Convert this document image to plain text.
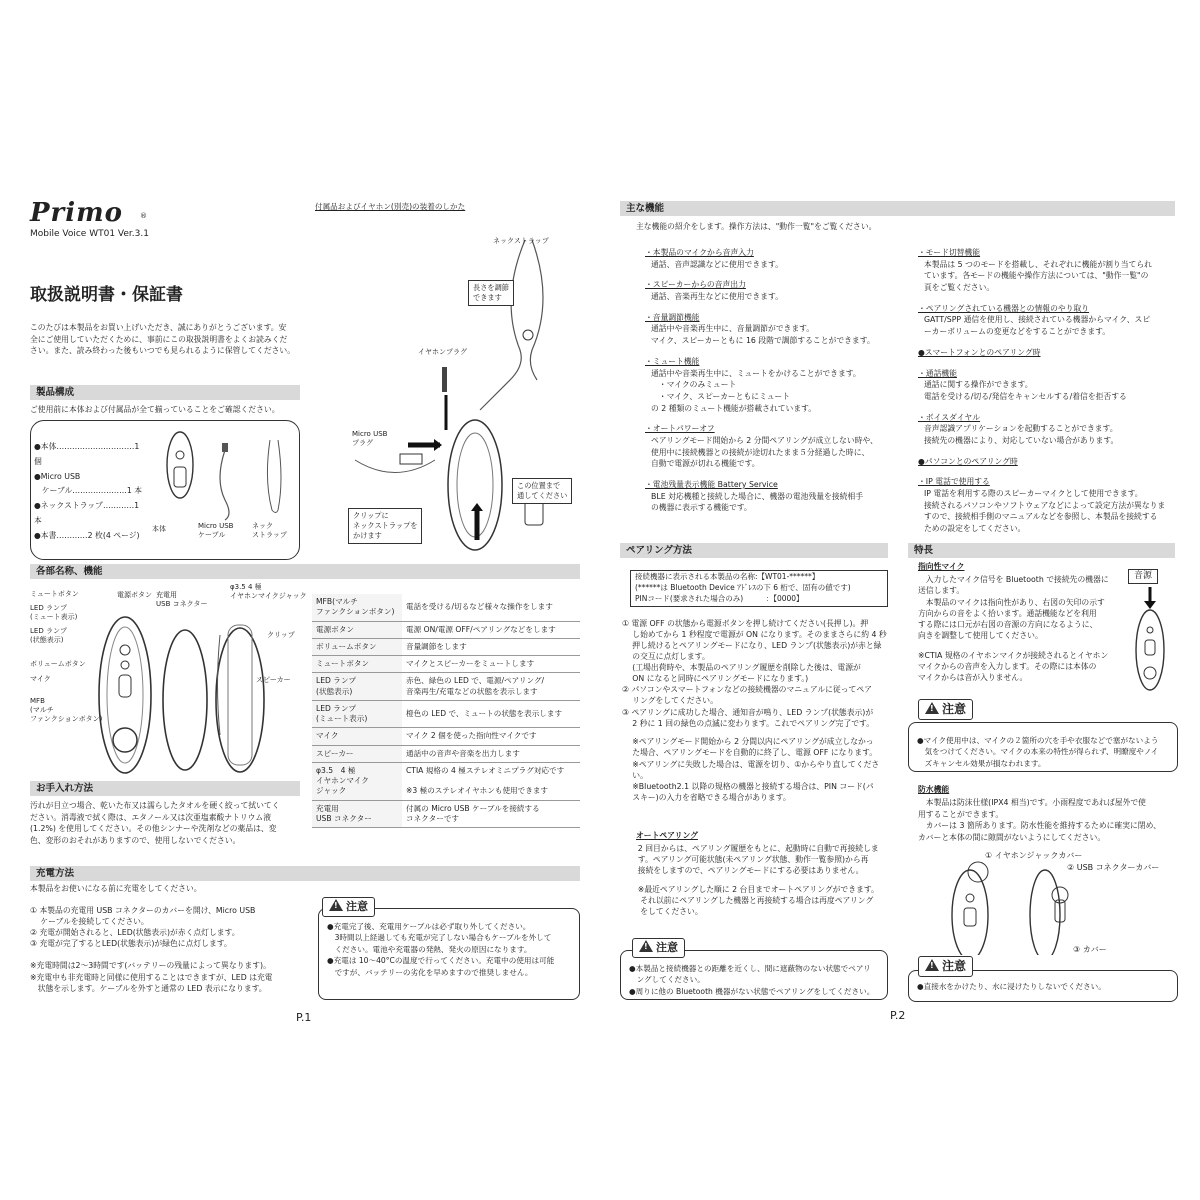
Primo ®
Mobile Voice WT01 Ver.3.1
取扱説明書・保証書

このたびは本製品をお買い上げいただき、誠にありがとうございます。安

全にご使用していただくために、事前にこの取扱説明書をよくお読みくだ

さい。また、読み終わった後もいつでも見られるように保管してください。

製品構成
ご使用前に本体および付属品が全て揃っていることをご確認ください。

●本体…………………………1 個

●Micro USB

　ケーブル…………………1 本

●ネックストラップ…………1 本

●本書…………2 枚(4 ページ)

本体	Micro USB
ケーブル
ネック
ストラップ
付属品およびイヤホン(別売)の装着のしかた
ネックストラップ
長さを調節
できます
イヤホンプラグ
Micro USB
プラグ
この位置まで
通してください
クリップに
ネックストラップを
かけます
各部名称、機能
ミュートボタン
LED ランプ
(ミュート表示)
LED ランプ
(状態表示)
ボリュームボタン
マイク
MFB
(マルチ
ファンクションボタン)
電源ボタン 充電用
USB コネクター
φ3.5 4 極
イヤホンマイクジャック
クリップ
スピーカー
MFB(マルチ
ファンクションボタン)	電話を受ける/切るなど様々な操作をします
電源ボタン	電源 ON/電源 OFF/ペアリングなどをします
ボリュームボタン	音量調節をします
ミュートボタン	マイクとスピーカーをミュートします
LED ランプ
(状態表示)	赤色、緑色の LED で、電源/ペアリング/
音楽再生/充電などの状態を表示します
LED ランプ
(ミュート表示)	橙色の LED で、ミュートの状態を表示します
マイク	マイク 2 個を使った指向性マイクです
スピーカー	通話中の音声や音楽を出力します
φ3.5　4 極
イヤホンマイク
ジャック	CTIA 規格の 4 極ステレオミニプラグ対応です

※3 極のステレオイヤホンも使用できます
充電用
USB コネクター	付属の Micro USB ケーブルを接続する
コネクターです
お手入れ方法

汚れが目立つ場合、乾いた布又は濡らしたタオルを硬く絞って拭いてく

ださい。消毒液で拭く際は、エタノール又は次亜塩素酸ナトリウム液

(1.2%) を使用してください。その他シンナーや洗剤などの薬品は、変

色、変形のおそれがありますので、使用しないでください。

充電方法

本製品をお使いになる前に充電をしてください。

① 本製品の充電用 USB コネクターのカバーを開け、Micro USB

　 ケーブルを接続してください。

② 充電が開始されると、LED(状態表示)が赤く点灯します。

③ 充電が完了するとLED(状態表示)が緑色に点灯します。

※充電時間は2～3時間です(バッテリーの残量によって異なります)。

※充電中も非充電時と同様に使用することはできますが、LED は充電

　状態を示します。ケーブルを外すと通常の LED 表示になります。

●充電完了後、充電用ケーブルは必ず取り外してください。

　3時間以上経過しても充電が完了しない場合もケーブルを外して

　ください。電池や充電器の発熱、発火の原因になります。

●充電は 10～40°Cの温度で行ってください。充電中の使用は可能

　ですが、バッテリーの劣化を早めますので推奨しません。

!注意
P.1
主な機能
主な機能の紹介をします。操作方法は、"動作一覧"をご覧ください。
・本製品のマイクから音声入力
通話、音声認識などに使用できます。
・スピーカーからの音声出力
通話、音楽再生などに使用できます。
・音量調節機能
通話中や音楽再生中に、音量調節ができます。
マイク、スピーカーともに 16 段階で調節することができます。
・ミュート機能
通話中や音楽再生中に、ミュートをかけることができます。
　・マイクのみミュート
　・マイク、スピーカーともにミュート
の 2 種類のミュート機能が搭載されています。
・オートパワーオフ
ペアリングモード開始から 2 分間ペアリングが成立しない時や、
使用中に接続機器との接続が途切れたまま５分経過した時に、
自動で電源が切れる機能です。
・電池残量表示機能 Battery Service
BLE 対応機種と接続した場合に、機器の電池残量を接続相手
の機器に表示する機能です。
・モード切替機能
本製品は 5 つのモードを搭載し、それぞれに機能が割り当てられ
ています。各モードの機能や操作方法については、"動作一覧"の
頁をご覧ください。
・ペアリングされている機器との情報のやり取り
GATT/SPP 通信を使用し、接続されている機器からマイク、スピ
ーカーボリュームの変更などをすることができます。
●スマートフォンとのペアリング時
・通話機能
通話に関する操作ができます。
電話を受ける/切る/発信をキャンセルする/着信を拒否する
・ボイスダイヤル
音声認識アプリケーションを起動することができます。
接続先の機器により、対応していない場合があります。
●パソコンとのペアリング時
・IP 電話で使用する
IP 電話を利用する際のスピーカーマイクとして使用できます。
接続されるパソコンやソフトウェアなどによって設定方法が異なりま
すので、接続相手側のマニュアルなどを参照し、本製品を接続する
ための設定をしてください。
ペアリング方法
接続機器に表示される本製品の名称:【WT01-******】
(******は Bluetooth Device ｱﾄﾞﾚｽの下 6 桁で、固有の値です)
PINコード(要求された場合のみ)　　　：【0000】
① 電源 OFF の状態から電源ボタンを押し続けてください(長押し)。押
　 し始めてから 1 秒程度で電源が ON になります。そのままさらに約 4 秒
　 押し続けるとペアリングモードになり、LED ランプ(状態表示)が赤と緑
　 の交互に点灯します。
　 (工場出荷時や、本製品のペアリング履歴を削除した後は、電源が
　 ON になると同時にペアリングモードになります。)
② パソコンやスマートフォンなどの接続機器のマニュアルに従ってペア
　 リングをしてください。
③ ペアリングに成功した場合、通知音が鳴り、LED ランプ(状態表示)が
　 2 秒に 1 回の緑色の点滅に変わります。これでペアリング完了です。
　 ※ペアリングモード開始から 2 分間以内にペアリングが成立しなかっ
　 た場合、ペアリングモードを自動的に終了し、電源 OFF になります。
　 ※ペアリングに失敗した場合は、電源を切り、①からやり直してくださ
　 い。
　 ※Bluetooth2.1 以降の規格の機器と接続する場合は、PIN コード(パ
　 スキー)の入力を省略できる場合があります。
オートペアリング
　2 回目からは、ペアリング履歴をもとに、起動時に自動で再接続しま
　す。ペアリング可能状態(未ペアリング状態、動作一覧参照)から再
　接続をしますので、ペアリングモードにする必要はありません。
　※最近ペアリングした順に 2 台目までオートペアリングができます。
　 それ以前にペアリングした機器と再接続する場合は再度ペアリング
　 をしてください。

●本製品と接続機器との距離を近くし、間に遮蔽物のない状態でペアリ

　ングしてください。

●周りに他の Bluetooth 機器がない状態でペアリングをしてください。

!注意
特長
指向性マイク
　入力したマイク信号を Bluetooth で接続先の機器に
送信します。
　本製品のマイクは指向性があり、右図の矢印の示す
方向からの音をよく拾います。通話機能などを利用
する際には口元が右図の音源の方向になるように、
向きを調整して使用してください。
※CTIA 規格のイヤホンマイクが接続されるとイヤホン
マイクからの音声を入力します。その際には本体の
マイクからは音が入りません。
音源

●マイク使用中は、マイクの２箇所の穴を手や衣服などで塞がないよう

　気をつけてください。マイクの本来の特性が得られず、明瞭度やノイ

　ズキャンセル効果が損なわれます。

!注意
防水機能

　本製品は防沫仕様(IPX4 相当)です。小雨程度であれば屋外で使

用することができます。

　カバーは 3 箇所あります。防水性能を維持するために確実に閉め、

カバーと本体の間に隙間がないようにしてください。

① イヤホンジャックカバー
② USB コネクターカバー
③ カバー

●直接水をかけたり、水に浸けたりしないでください。

!注意
P.2
